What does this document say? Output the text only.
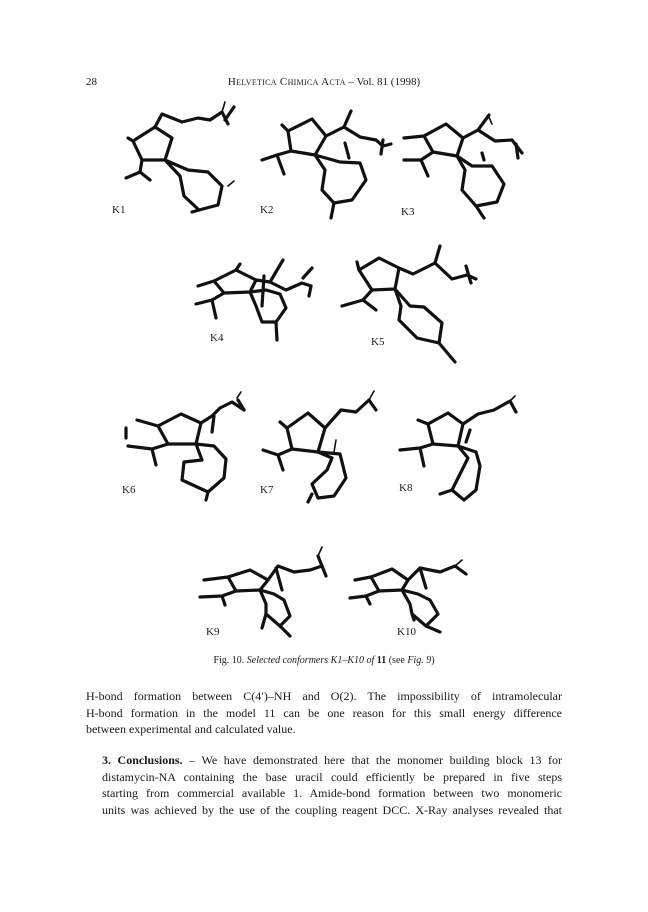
28	Helvetica Chimica Acta – Vol. 81 (1998)
K1	K2	K3
K4	K5
K6	K7	K8
K9	K10
Fig. 10. Selected conformers K1–K10 of 11 (see Fig. 9)
H-bond formation between C(4′)–NH and O(2). The impossibility of intramolecular
H-bond formation in the model 11 can be one reason for this small energy difference
between experimental and calculated value.
3. Conclusions. – We have demonstrated here that the monomer building block 13 for
distamycin-NA containing the base uracil could efficiently be prepared in five steps
starting from commercial available 1. Amide-bond formation between two monomeric
units was achieved by the use of the coupling reagent DCC. X-Ray analyses revealed that
